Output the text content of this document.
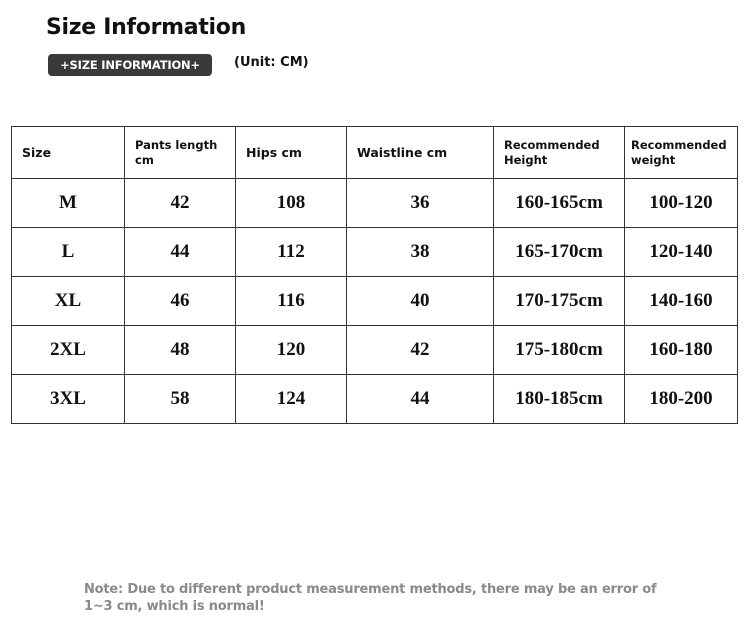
Size Information
+SIZE INFORMATION+	(Unit: CM)
Size	Pants length cm	Hips cm	Waistline cm	Recommended Height	Recommended weight
M	42	108	36	160-165cm	100-120
L	44	112	38	165-170cm	120-140
XL	46	116	40	170-175cm	140-160
2XL	48	120	42	175-180cm	160-180
3XL	58	124	44	180-185cm	180-200
Note: Due to different product measurement methods, there may be an error of 1~3 cm, which is normal!
